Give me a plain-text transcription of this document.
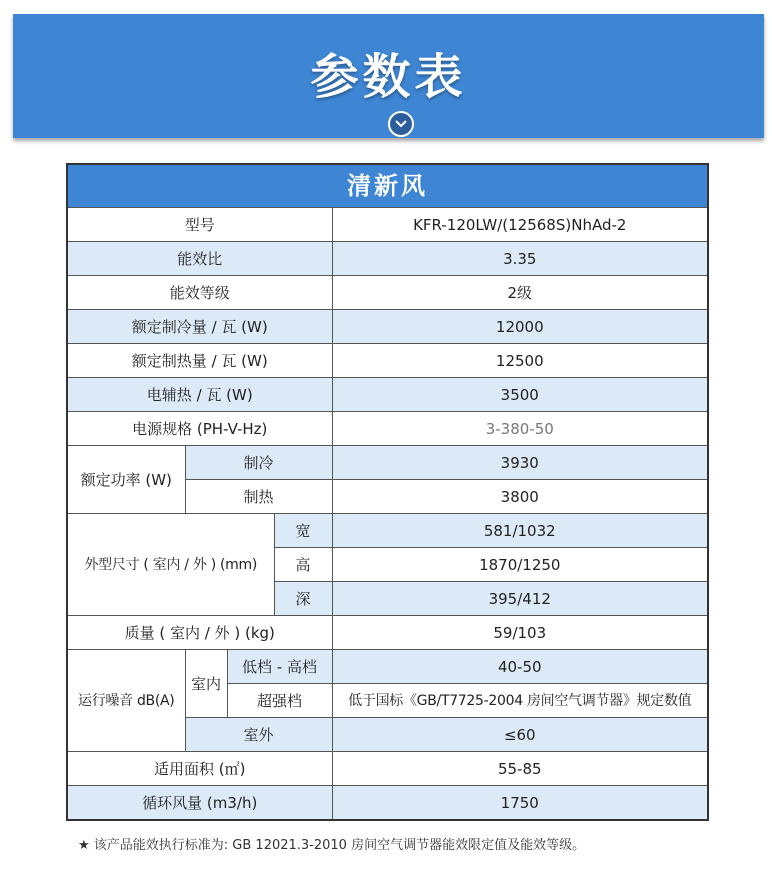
参数表
清新风				
型号				KFR-120LW/(12568S)NhAd-2
能效比				3.35
能效等级				2级
额定制冷量 / 瓦 (W)				12000
额定制热量 / 瓦 (W)				12500
电辅热 / 瓦 (W)				3500
电源规格 (PH-V-Hz)				3-380-50
额定功率 (W)	制冷			3930
	制热			3800
外型尺寸 ( 室内 / 外 ) (mm)			宽	581/1032
			高	1870/1250
			深	395/412
质量 ( 室内 / 外 ) (kg)				59/103
运行噪音 dB(A)	室内	低档 - 高档		40-50
		超强档		低于国标《GB/T7725-2004 房间空气调节器》规定数值
	室外			≤60
适用面积 (㎡)				55-85
循环风量 (m3/h)				1750
★ 该产品能效执行标准为: GB 12021.3-2010 房间空气调节器能效限定值及能效等级。
